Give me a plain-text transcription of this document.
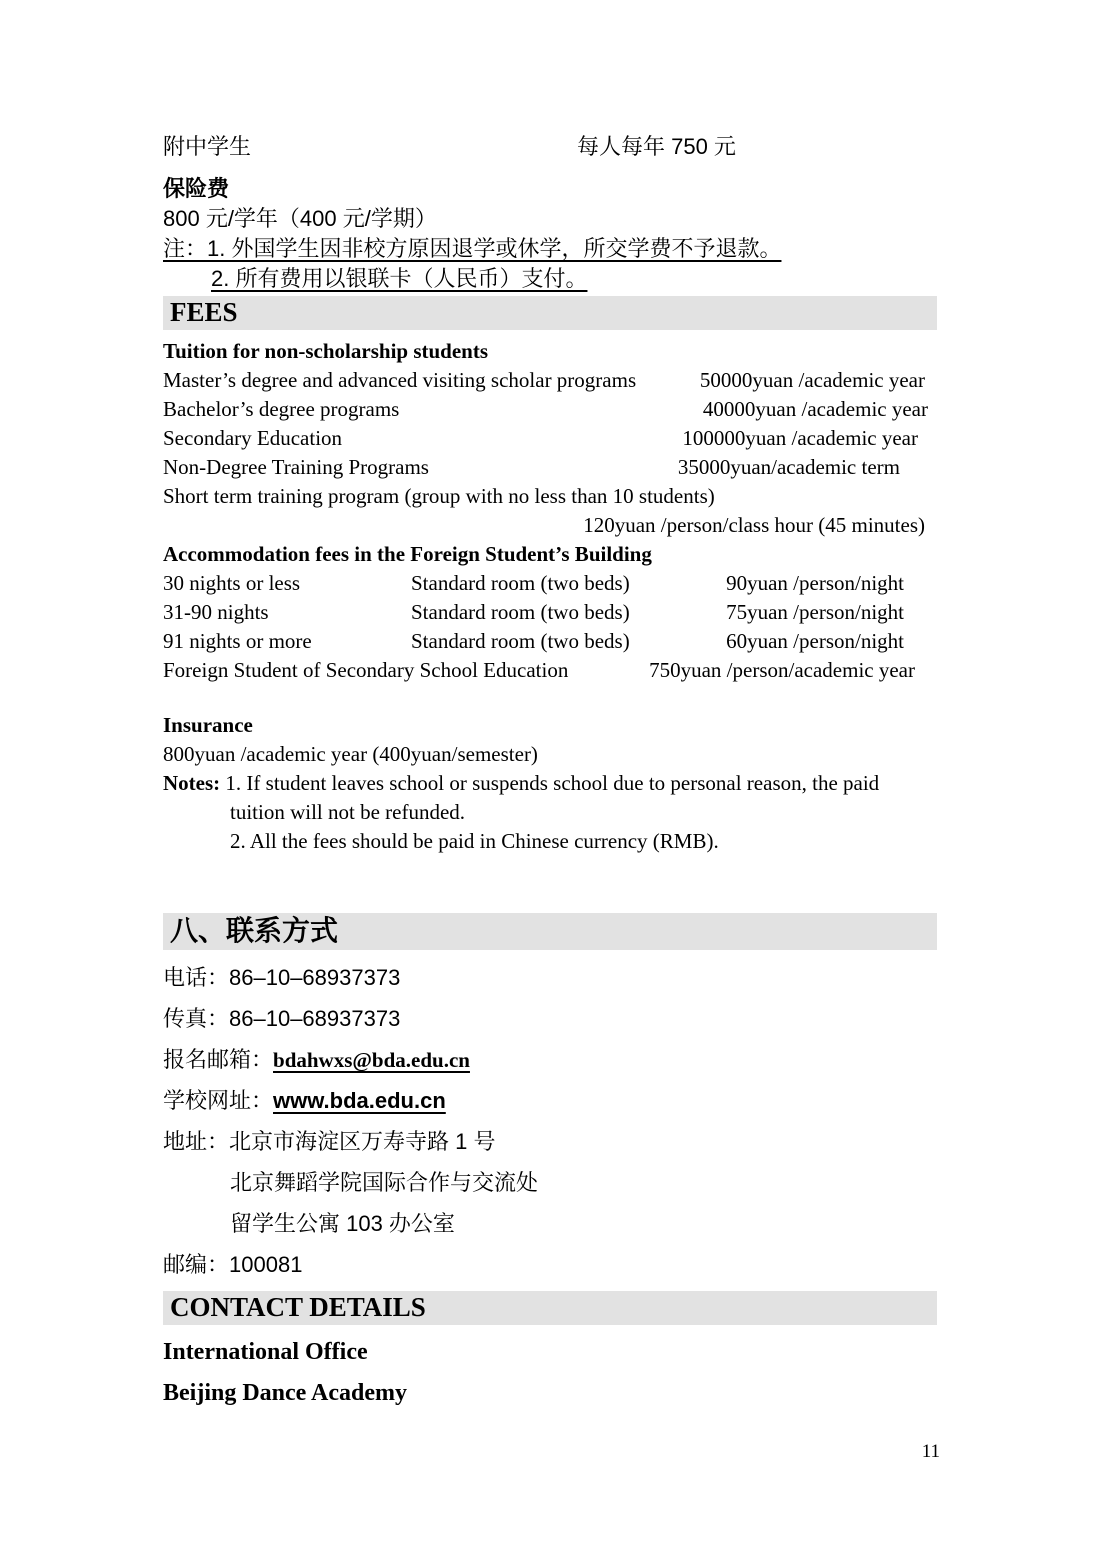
附中学生	每人每年 750 元

保险费

800 元/学年（400 元/学期）

注：1. 外国学生因非校方原因退学或休学，所交学费不予退款。

2. 所有费用以银联卡（人民币）支付。

FEES

Tuition for non-scholarship students

Master’s degree and advanced visiting scholar programs	50000yuan /academic year
Bachelor’s degree programs	40000yuan /academic year
Secondary Education	100000yuan /academic year
Non-Degree Training Programs	35000yuan/academic term

Short term training program (group with no less than 10 students)

120yuan /person/class hour (45 minutes)

Accommodation fees in the Foreign Student’s Building

30 nights or less	Standard room (two beds)	90yuan /person/night
31-90 nights	Standard room (two beds)	75yuan /person/night
91 nights or more	Standard room (two beds)	60yuan /person/night
Foreign Student of Secondary School Education	750yuan /person/academic year

Insurance

800yuan /academic year (400yuan/semester)

Notes: 1. If student leaves school or suspends school due to personal reason, the paid

tuition will not be refunded.

2. All the fees should be paid in Chinese currency (RMB).

八、联系方式

电话：86–10–68937373

传真：86–10–68937373

报名邮箱：bdahwxs@bda.edu.cn

学校网址：www.bda.edu.cn

地址：北京市海淀区万寿寺路 1 号

北京舞蹈学院国际合作与交流处

留学生公寓 103 办公室

邮编：100081

CONTACT DETAILS

International Office

Beijing Dance Academy

11
